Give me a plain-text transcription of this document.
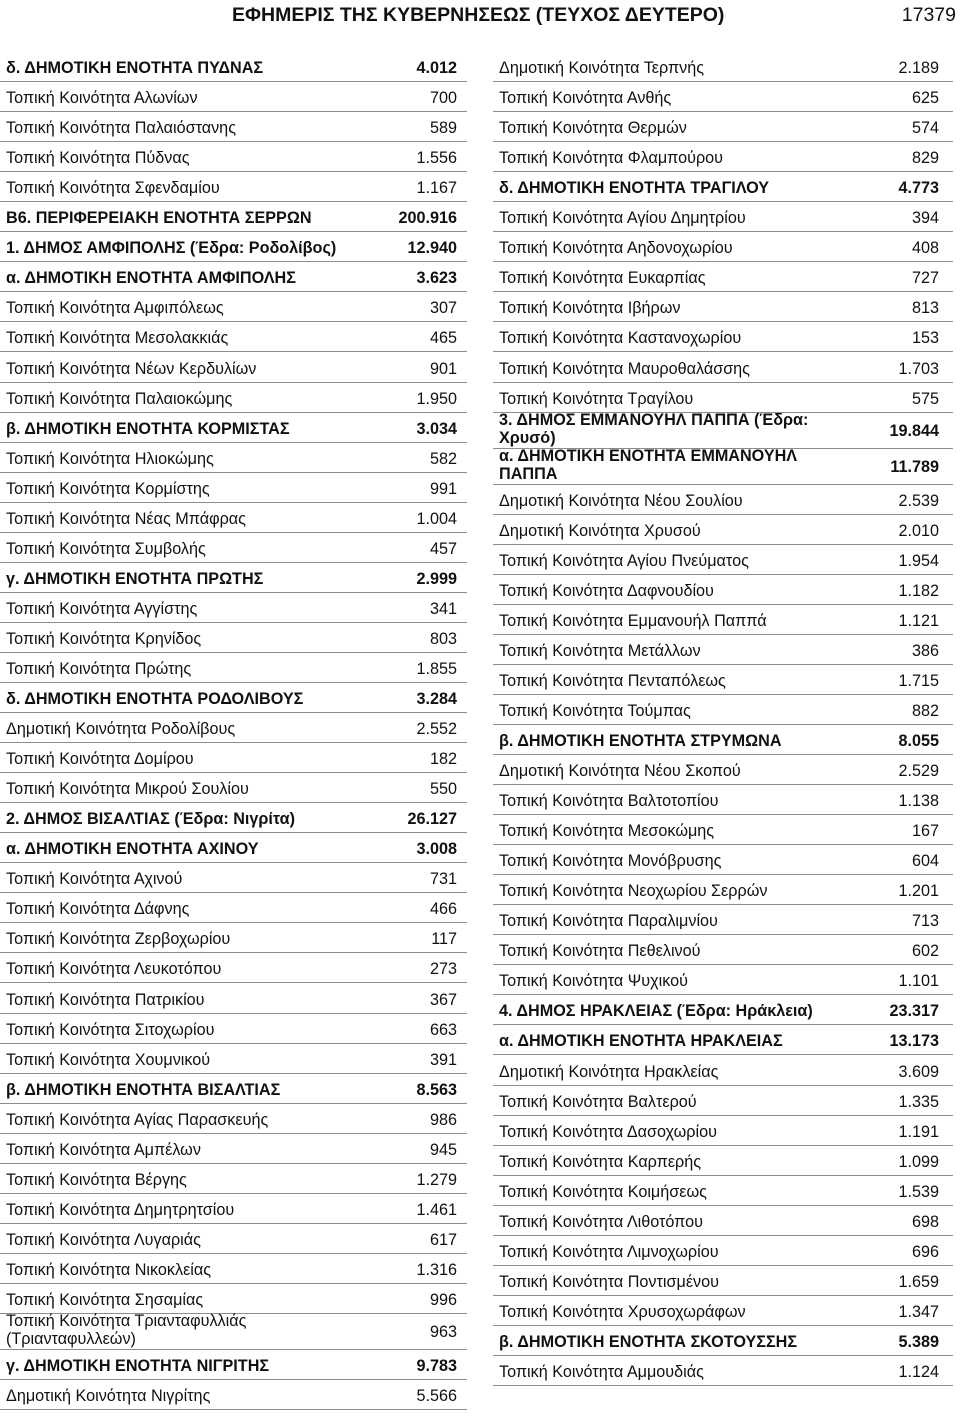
ΕΦΗΜΕΡΙΣ ΤΗΣ ΚΥΒΕΡΝΗΣΕΩΣ (ΤΕΥΧΟΣ ΔΕΥΤΕΡΟ)	17379
δ. ΔΗΜΟΤΙΚΗ ΕΝΟΤΗΤΑ ΠΥΔΝΑΣ	4.012
Τοπική Κοινότητα Αλωνίων	700
Τοπική Κοινότητα Παλαιόστανης	589
Τοπική Κοινότητα Πύδνας	1.556
Τοπική Κοινότητα Σφενδαμίου	1.167
Β6. ΠΕΡΙΦΕΡΕΙΑΚΗ ΕΝΟΤΗΤΑ ΣΕΡΡΩΝ	200.916
1. ΔΗΜΟΣ ΑΜΦΙΠΟΛΗΣ (Έδρα: Ροδολίβος)	12.940
α. ΔΗΜΟΤΙΚΗ ΕΝΟΤΗΤΑ ΑΜΦΙΠΟΛΗΣ	3.623
Τοπική Κοινότητα Αμφιπόλεως	307
Τοπική Κοινότητα Μεσολακκιάς	465
Τοπική Κοινότητα Νέων Κερδυλίων	901
Τοπική Κοινότητα Παλαιοκώμης	1.950
β. ΔΗΜΟΤΙΚΗ ΕΝΟΤΗΤΑ ΚΟΡΜΙΣΤΑΣ	3.034
Τοπική Κοινότητα Ηλιοκώμης	582
Τοπική Κοινότητα Κορμίστης	991
Τοπική Κοινότητα Νέας Μπάφρας	1.004
Τοπική Κοινότητα Συμβολής	457
γ. ΔΗΜΟΤΙΚΗ ΕΝΟΤΗΤΑ ΠΡΩΤΗΣ	2.999
Τοπική Κοινότητα Αγγίστης	341
Τοπική Κοινότητα Κρηνίδος	803
Τοπική Κοινότητα Πρώτης	1.855
δ. ΔΗΜΟΤΙΚΗ ΕΝΟΤΗΤΑ ΡΟΔΟΛΙΒΟΥΣ	3.284
Δημοτική Κοινότητα Ροδολίβους	2.552
Τοπική Κοινότητα Δομίρου	182
Τοπική Κοινότητα Μικρού Σουλίου	550
2. ΔΗΜΟΣ ΒΙΣΑΛΤΙΑΣ (Έδρα: Νιγρίτα)	26.127
α. ΔΗΜΟΤΙΚΗ ΕΝΟΤΗΤΑ ΑΧΙΝΟΥ	3.008
Τοπική Κοινότητα Αχινού	731
Τοπική Κοινότητα Δάφνης	466
Τοπική Κοινότητα Ζερβοχωρίου	117
Τοπική Κοινότητα Λευκοτόπου	273
Τοπική Κοινότητα Πατρικίου	367
Τοπική Κοινότητα Σιτοχωρίου	663
Τοπική Κοινότητα Χουμνικού	391
β. ΔΗΜΟΤΙΚΗ ΕΝΟΤΗΤΑ ΒΙΣΑΛΤΙΑΣ	8.563
Τοπική Κοινότητα Αγίας Παρασκευής	986
Τοπική Κοινότητα Αμπέλων	945
Τοπική Κοινότητα Βέργης	1.279
Τοπική Κοινότητα Δημητρητσίου	1.461
Τοπική Κοινότητα Λυγαριάς	617
Τοπική Κοινότητα Νικοκλείας	1.316
Τοπική Κοινότητα Σησαμίας	996
Τοπική Κοινότητα Τριανταφυλλιάς (Τριανταφυλλεών)	963
γ. ΔΗΜΟΤΙΚΗ ΕΝΟΤΗΤΑ ΝΙΓΡΙΤΗΣ	9.783
Δημοτική Κοινότητα Νιγρίτης	5.566
Δημοτική Κοινότητα Τερπνής	2.189
Τοπική Κοινότητα Ανθής	625
Τοπική Κοινότητα Θερμών	574
Τοπική Κοινότητα Φλαμπούρου	829
δ. ΔΗΜΟΤΙΚΗ ΕΝΟΤΗΤΑ ΤΡΑΓΙΛΟΥ	4.773
Τοπική Κοινότητα Αγίου Δημητρίου	394
Τοπική Κοινότητα Αηδονοχωρίου	408
Τοπική Κοινότητα Ευκαρπίας	727
Τοπική Κοινότητα Ιβήρων	813
Τοπική Κοινότητα Καστανοχωρίου	153
Τοπική Κοινότητα Μαυροθαλάσσης	1.703
Τοπική Κοινότητα Τραγίλου	575
3. ΔΗΜΟΣ ΕΜΜΑΝΟΥΗΛ ΠΑΠΠΑ (Έδρα: Χρυσό)	19.844
α. ΔΗΜΟΤΙΚΗ ΕΝΟΤΗΤΑ ΕΜΜΑΝΟΥΗΛ ΠΑΠΠΑ	11.789
Δημοτική Κοινότητα Νέου Σουλίου	2.539
Δημοτική Κοινότητα Χρυσού	2.010
Τοπική Κοινότητα Αγίου Πνεύματος	1.954
Τοπική Κοινότητα Δαφνουδίου	1.182
Τοπική Κοινότητα Εμμανουήλ Παππά	1.121
Τοπική Κοινότητα Μετάλλων	386
Τοπική Κοινότητα Πενταπόλεως	1.715
Τοπική Κοινότητα Τούμπας	882
β. ΔΗΜΟΤΙΚΗ ΕΝΟΤΗΤΑ ΣΤΡΥΜΩΝΑ	8.055
Δημοτική Κοινότητα Νέου Σκοπού	2.529
Τοπική Κοινότητα Βαλτοτοπίου	1.138
Τοπική Κοινότητα Μεσοκώμης	167
Τοπική Κοινότητα Μονόβρυσης	604
Τοπική Κοινότητα Νεοχωρίου Σερρών	1.201
Τοπική Κοινότητα Παραλιμνίου	713
Τοπική Κοινότητα Πεθελινού	602
Τοπική Κοινότητα Ψυχικού	1.101
4. ΔΗΜΟΣ ΗΡΑΚΛΕΙΑΣ (Έδρα: Ηράκλεια)	23.317
α. ΔΗΜΟΤΙΚΗ ΕΝΟΤΗΤΑ ΗΡΑΚΛΕΙΑΣ	13.173
Δημοτική Κοινότητα Ηρακλείας	3.609
Τοπική Κοινότητα Βαλτερού	1.335
Τοπική Κοινότητα Δασοχωρίου	1.191
Τοπική Κοινότητα Καρπερής	1.099
Τοπική Κοινότητα Κοιμήσεως	1.539
Τοπική Κοινότητα Λιθοτόπου	698
Τοπική Κοινότητα Λιμνοχωρίου	696
Τοπική Κοινότητα Ποντισμένου	1.659
Τοπική Κοινότητα Χρυσοχωράφων	1.347
β. ΔΗΜΟΤΙΚΗ ΕΝΟΤΗΤΑ ΣΚΟΤΟΥΣΣΗΣ	5.389
Τοπική Κοινότητα Αμμουδιάς	1.124
